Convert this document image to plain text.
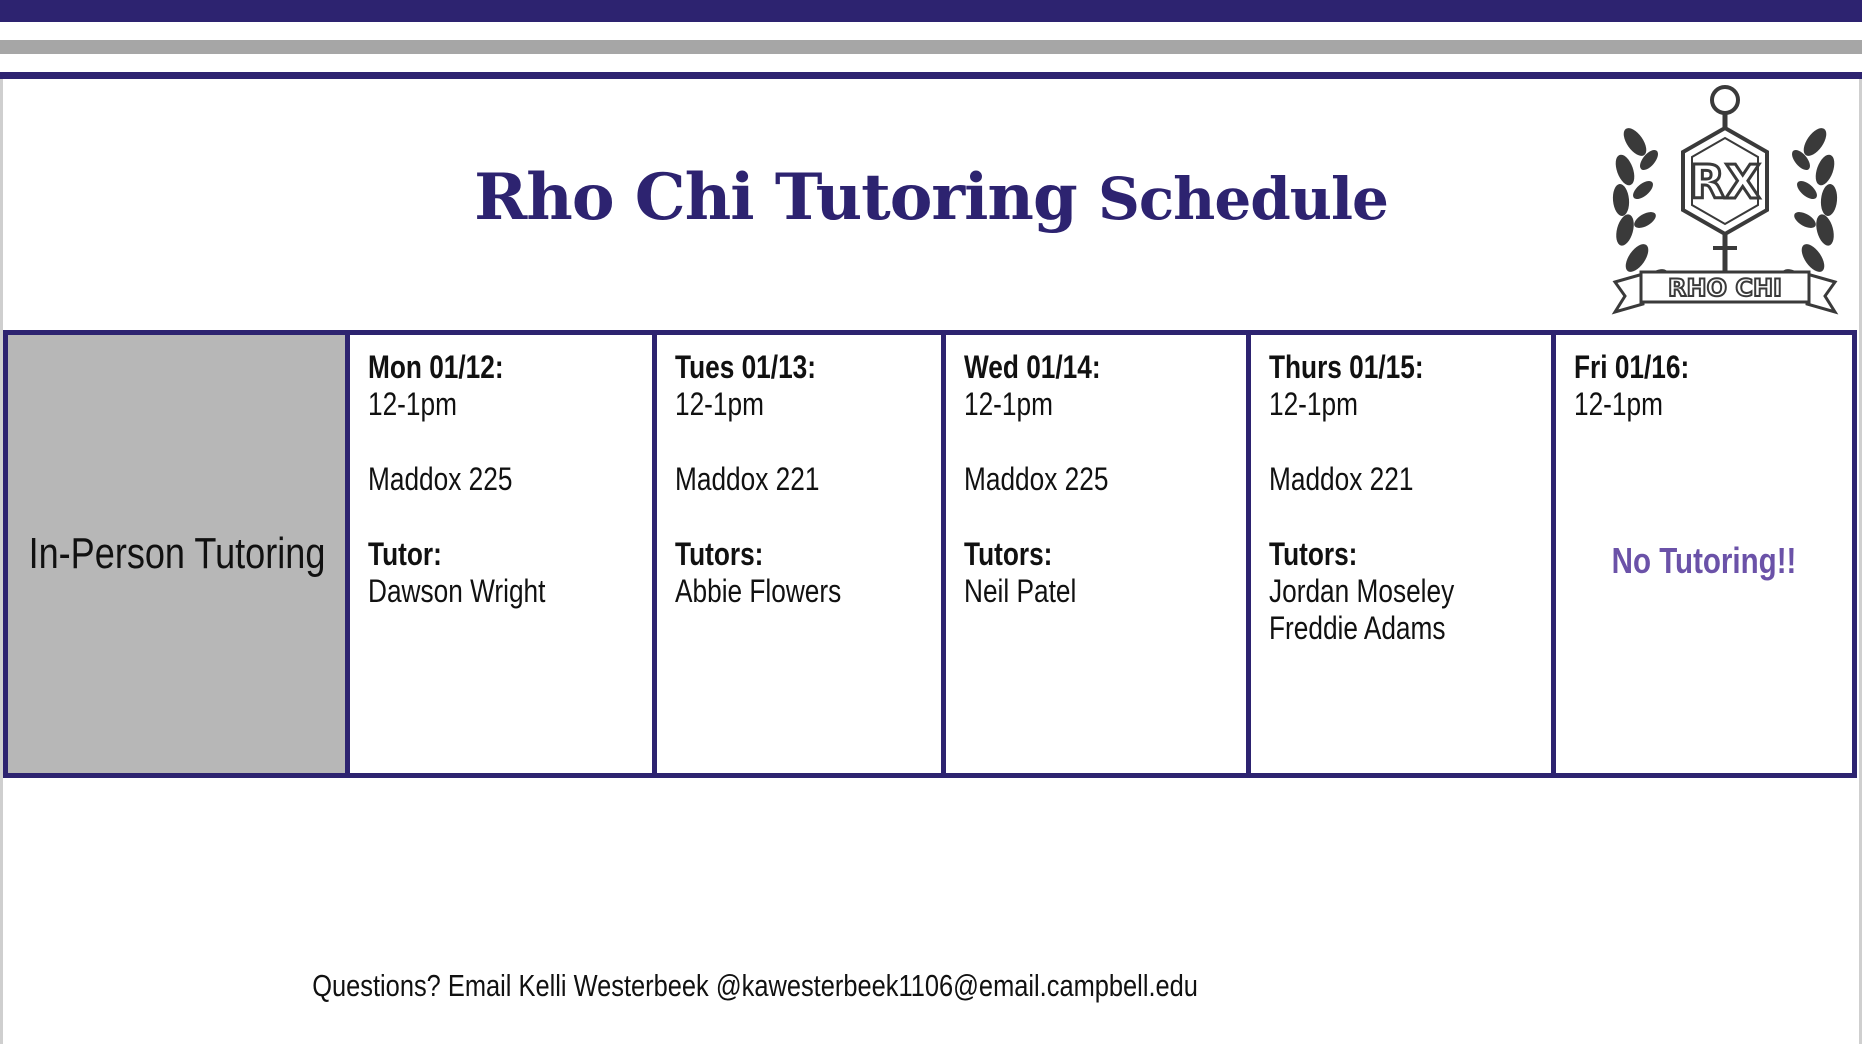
Rho Chi Tutoring Schedule	RX
RHO CHI
In-Person Tutoring
Mon 01/12:
12-1pm
Maddox 225
Tutor:
Dawson Wright
Tues 01/13:
12-1pm
Maddox 221
Tutors:
Abbie Flowers
Wed 01/14:
12-1pm
Maddox 225
Tutors:
Neil Patel
Thurs 01/15:
12-1pm
Maddox 221
Tutors:
Jordan Moseley
Freddie Adams
Fri 01/16:
12-1pm
No Tutoring!!
Questions? Email Kelli Westerbeek @kawesterbeek1106@email.campbell.edu
